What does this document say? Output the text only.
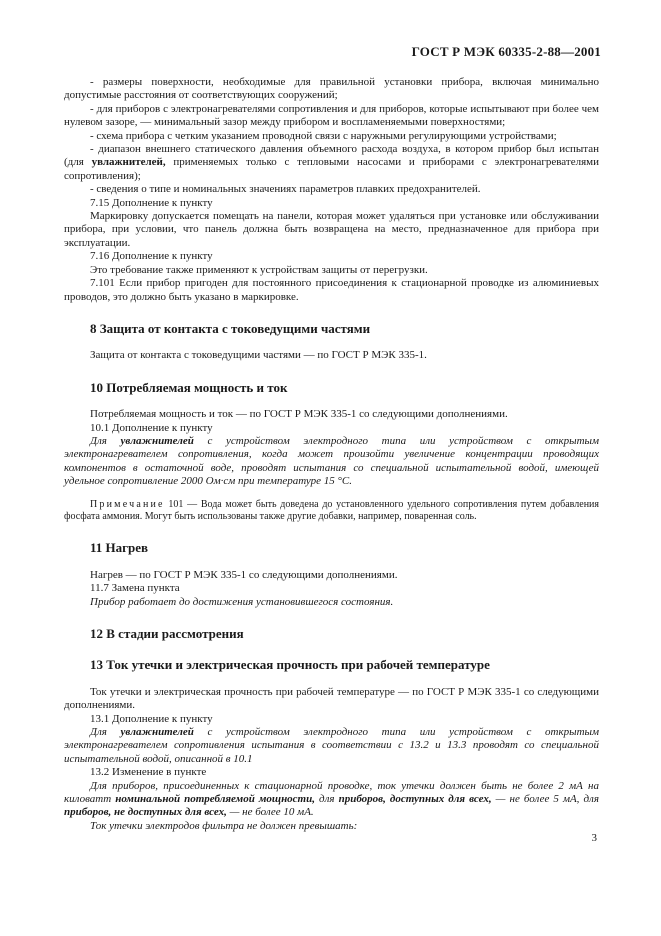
ГОСТ Р МЭК 60335-2-88—2001

- размеры поверхности, необходимые для правильной установки прибора, включая минимально допустимые расстояния от соответствующих сооружений;

- для приборов с электронагревателями сопротивления и для приборов, которые испытывают при более чем нулевом зазоре, — минимальный зазор между прибором и воспламеняемыми поверхностями;

- схема прибора с четким указанием проводной связи с наружными регулирующими устройствами;

- диапазон внешнего статического давления объемного расхода воздуха, в котором прибор был испытан (для увлажнителей, применяемых только с тепловыми насосами и приборами с электронагревателями сопротивления);

- сведения о типе и номинальных значениях параметров плавких предохранителей.

7.15 Дополнение к пункту

Маркировку допускается помещать на панели, которая может удаляться при установке или обслуживании прибора, при условии, что панель должна быть возвращена на место, предназначенное для прибора при эксплуатации.

7.16 Дополнение к пункту

Это требование также применяют к устройствам защиты от перегрузки.

7.101 Если прибор пригоден для постоянного присоединения к стационарной проводке из алюминиевых проводов, это должно быть указано в маркировке.

8 Защита от контакта с токоведущими частями

Защита от контакта с токоведущими частями — по ГОСТ Р МЭК 335-1.

10 Потребляемая мощность и ток

Потребляемая мощность и ток — по ГОСТ Р МЭК 335-1 со следующими дополнениями.

10.1 Дополнение к пункту

Для увлажнителей с устройством электродного типа или устройством с открытым электронагревателем сопротивления, когда может произойти увеличение концентрации проводящих компонентов в остаточной воде, проводят испытания со специальной испытательной водой, имеющей удельное сопротивление 2000 Ом·см при температуре 15 °С.

Примечание 101 — Вода может быть доведена до установленного удельного сопротивления путем добавления фосфата аммония. Могут быть использованы также другие добавки, например, поваренная соль.

11 Нагрев

Нагрев — по ГОСТ Р МЭК 335-1 со следующими дополнениями.

11.7 Замена пункта

Прибор работает до достижения установившегося состояния.

12 В стадии рассмотрения
13 Ток утечки и электрическая прочность при рабочей температуре

Ток утечки и электрическая прочность при рабочей температуре — по ГОСТ Р МЭК 335-1 со следующими дополнениями.

13.1 Дополнение к пункту

Для увлажнителей с устройством электродного типа или устройством с открытым электронагревателем сопротивления испытания в соответствии с 13.2 и 13.3 проводят со специальной испытательной водой, описанной в 10.1

13.2 Изменение в пункте

Для приборов, присоединенных к стационарной проводке, ток утечки должен быть не более 2 мА на киловатт номинальной потребляемой мощности, для приборов, доступных для всех, — не более 5 мА, для приборов, не доступных для всех, — не более 10 мА.

Ток утечки электродов фильтра не должен превышать:

3
